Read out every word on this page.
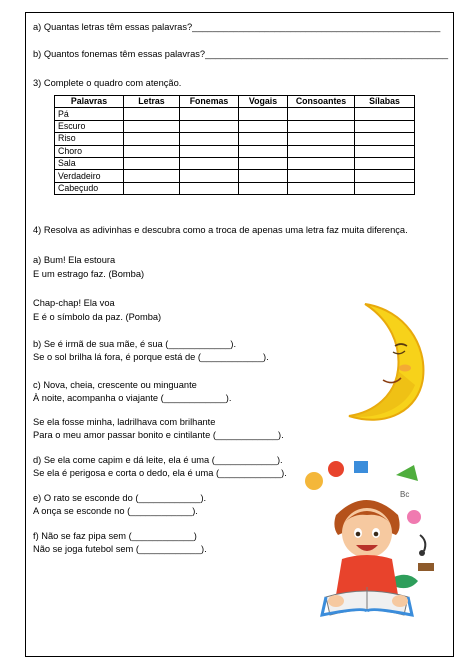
a) Quantas letras têm essas palavras?________________________________________________
b) Quantos fonemas têm essas palavras?_______________________________________________
3) Complete o quadro com atenção.
Palavras	Letras	Fonemas	Vogais	Consoantes	Sílabas
Pá					
Escuro					
Riso					
Choro					
Sala					
Verdadeiro					
Cabeçudo					
4) Resolva as adivinhas e descubra como a troca de apenas uma letra faz muita diferença.
a) Bum! Ela estoura
E um estrago faz. (Bomba)
Chap-chap! Ela voa
E é o símbolo da paz. (Pomba)
b) Se é irmã de sua mãe, é sua (____________).
Se o sol brilha lá fora, é porque está de (____________).
c) Nova, cheia, crescente ou minguante
À noite, acompanha o viajante (____________).
Se ela fosse minha, ladrilhava com brilhante
Para o meu amor passar bonito e cintilante (____________).
d) Se ela come capim e dá leite, ela é uma (____________).
Se ela é perigosa e corta o dedo, ela é uma (____________).
e) O rato se esconde do (____________).
A onça se esconde no (____________).
f) Não se faz pipa sem (____________)
Não se joga futebol sem (____________).
Bc
